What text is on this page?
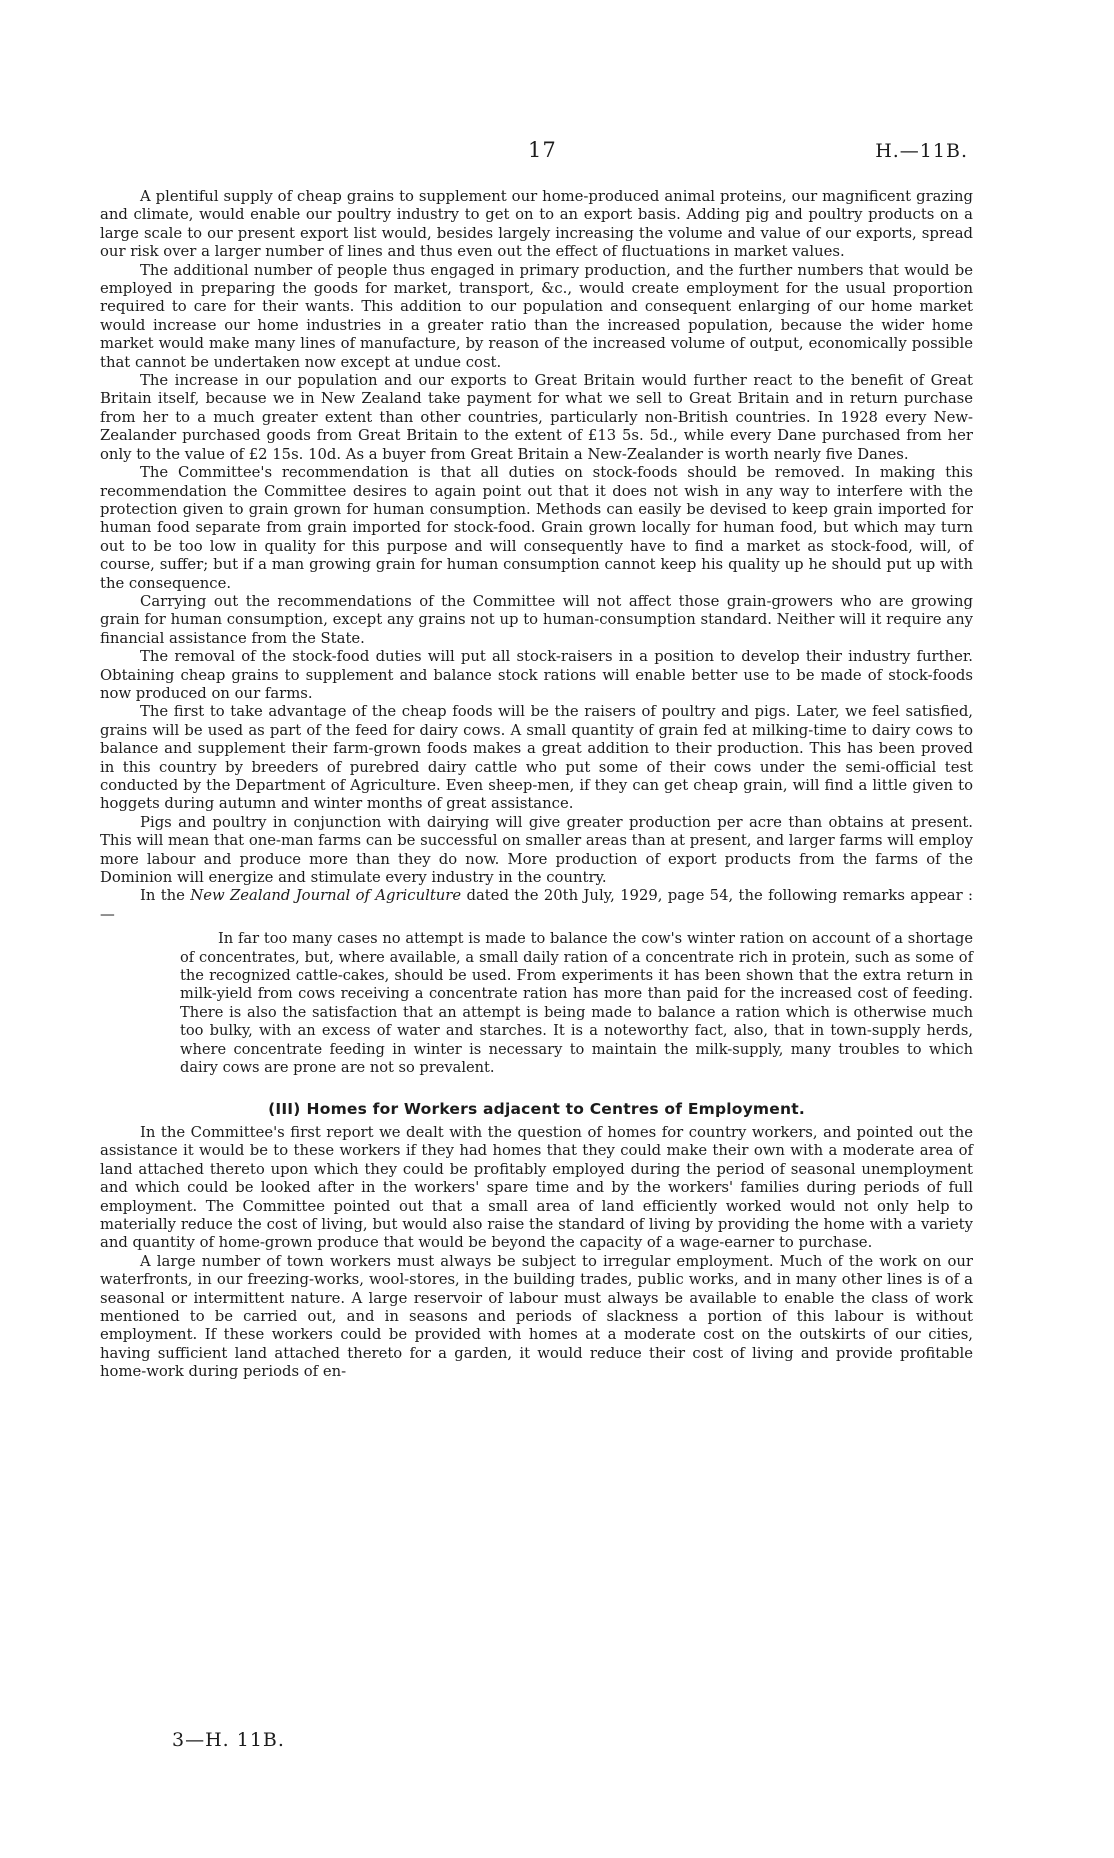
17	H.—11B.

A plentiful supply of cheap grains to supplement our home-produced animal proteins, our magnificent grazing and climate, would enable our poultry industry to get on to an export basis. Adding pig and poultry products on a large scale to our present export list would, besides largely increasing the volume and value of our exports, spread our risk over a larger number of lines and thus even out the effect of fluctuations in market values.

The additional number of people thus engaged in primary production, and the further numbers that would be employed in preparing the goods for market, transport, &c., would create employment for the usual proportion required to care for their wants. This addition to our population and consequent enlarging of our home market would increase our home industries in a greater ratio than the increased population, because the wider home market would make many lines of manufacture, by reason of the increased volume of output, economically possible that cannot be undertaken now except at undue cost.

The increase in our population and our exports to Great Britain would further react to the benefit of Great Britain itself, because we in New Zealand take payment for what we sell to Great Britain and in return purchase from her to a much greater extent than other countries, particularly non-British countries. In 1928 every New-Zealander purchased goods from Great Britain to the extent of £13 5s. 5d., while every Dane purchased from her only to the value of £2 15s. 10d. As a buyer from Great Britain a New-Zealander is worth nearly five Danes.

The Committee's recommendation is that all duties on stock-foods should be removed. In making this recommendation the Committee desires to again point out that it does not wish in any way to interfere with the protection given to grain grown for human consumption. Methods can easily be devised to keep grain imported for human food separate from grain imported for stock-food. Grain grown locally for human food, but which may turn out to be too low in quality for this purpose and will consequently have to find a market as stock-food, will, of course, suffer; but if a man growing grain for human consumption cannot keep his quality up he should put up with the consequence.

Carrying out the recommendations of the Committee will not affect those grain-growers who are growing grain for human consumption, except any grains not up to human-consumption standard. Neither will it require any financial assistance from the State.

The removal of the stock-food duties will put all stock-raisers in a position to develop their industry further. Obtaining cheap grains to supplement and balance stock rations will enable better use to be made of stock-foods now produced on our farms.

The first to take advantage of the cheap foods will be the raisers of poultry and pigs. Later, we feel satisfied, grains will be used as part of the feed for dairy cows. A small quantity of grain fed at milking-time to dairy cows to balance and supplement their farm-grown foods makes a great addition to their production. This has been proved in this country by breeders of purebred dairy cattle who put some of their cows under the semi-official test conducted by the Department of Agriculture. Even sheep-men, if they can get cheap grain, will find a little given to hoggets during autumn and winter months of great assistance.

Pigs and poultry in conjunction with dairying will give greater production per acre than obtains at present. This will mean that one-man farms can be successful on smaller areas than at present, and larger farms will employ more labour and produce more than they do now. More production of export products from the farms of the Dominion will energize and stimulate every industry in the country.

In the New Zealand Journal of Agriculture dated the 20th July, 1929, page 54, the following remarks appear :—

In far too many cases no attempt is made to balance the cow's winter ration on account of a shortage of concentrates, but, where available, a small daily ration of a concentrate rich in protein, such as some of the recognized cattle-cakes, should be used. From experiments it has been shown that the extra return in milk-yield from cows receiving a concentrate ration has more than paid for the increased cost of feeding. There is also the satisfaction that an attempt is being made to balance a ration which is otherwise much too bulky, with an excess of water and starches. It is a noteworthy fact, also, that in town-supply herds, where concentrate feeding in winter is necessary to maintain the milk-supply, many troubles to which dairy cows are prone are not so prevalent.

(III) Homes for Workers adjacent to Centres of Employment.

In the Committee's first report we dealt with the question of homes for country workers, and pointed out the assistance it would be to these workers if they had homes that they could make their own with a moderate area of land attached thereto upon which they could be profitably employed during the period of seasonal unemployment and which could be looked after in the workers' spare time and by the workers' families during periods of full employment. The Committee pointed out that a small area of land efficiently worked would not only help to materially reduce the cost of living, but would also raise the standard of living by providing the home with a variety and quantity of home-grown produce that would be beyond the capacity of a wage-earner to purchase.

A large number of town workers must always be subject to irregular employment. Much of the work on our waterfronts, in our freezing-works, wool-stores, in the building trades, public works, and in many other lines is of a seasonal or intermittent nature. A large reservoir of labour must always be available to enable the class of work mentioned to be carried out, and in seasons and periods of slackness a portion of this labour is without employment. If these workers could be provided with homes at a moderate cost on the outskirts of our cities, having sufficient land attached thereto for a garden, it would reduce their cost of living and provide profitable home-work during periods of en-

3—H. 11B.
